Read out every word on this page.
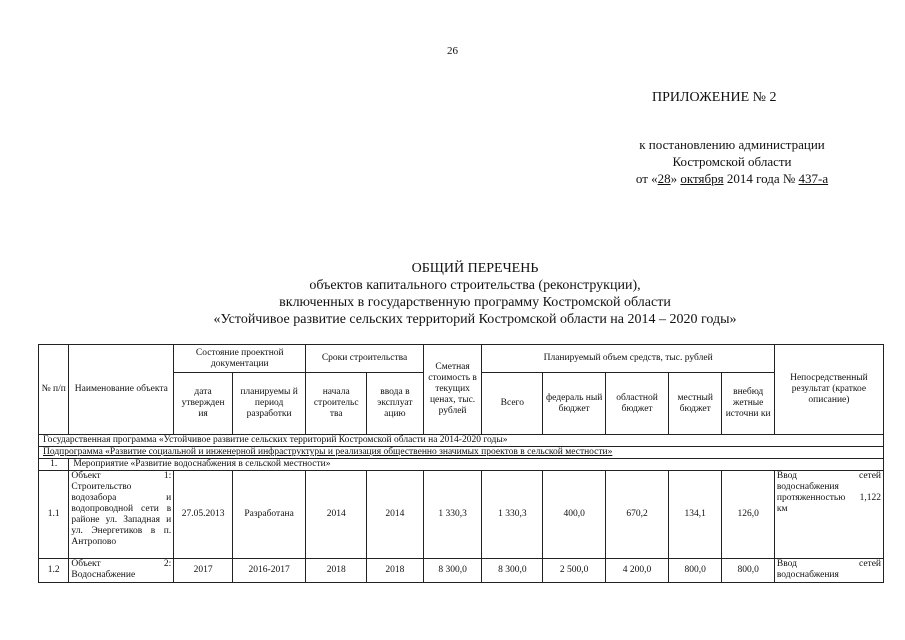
26
ПРИЛОЖЕНИЕ № 2
к постановлению администрации
Костромской области
от «28» октября 2014 года № 437-а
ОБЩИЙ ПЕРЕЧЕНЬ
объектов капитального строительства (реконструкции),
включенных в государственную программу Костромской области
«Устойчивое развитие сельских территорий Костромской области на 2014 – 2020 годы»
№ п/п	Наименование объекта	Состояние проектной документации		Сроки строительства		Сметная стоимость в текущих ценах, тыс. рублей	Планируемый объем средств, тыс. рублей					Непосредственный результат (краткое описание)
		дата утвержден ия	планируемы й период разработки	начала строительс тва	ввода в эксплуат ацию		Всего	федераль ный бюджет	областной бюджет	местный бюджет	внебюд жетные источни ки	
Государственная программа «Устойчивое развитие сельских территорий Костромской области на 2014-2020 годы»												
Подпрограмма «Развитие социальной и инженерной инфраструктуры и реализация общественно значимых проектов в сельской местности»												
1.	Мероприятие «Развитие водоснабжения в сельской местности»											
1.1	Объект 1: Строительство водозабора и водопроводной сети в районе ул. Западная и ул. Энергетиков в п. Антропово	27.05.2013	Разработана	2014	2014	1 330,3	1 330,3	400,0	670,2	134,1	126,0	Ввод сетей водоснабжения протяженностью 1,122 км
1.2	Объект 2: Водоснабжение	2017	2016-2017	2018	2018	8 300,0	8 300,0	2 500,0	4 200,0	800,0	800,0	Ввод сетей водоснабжения
